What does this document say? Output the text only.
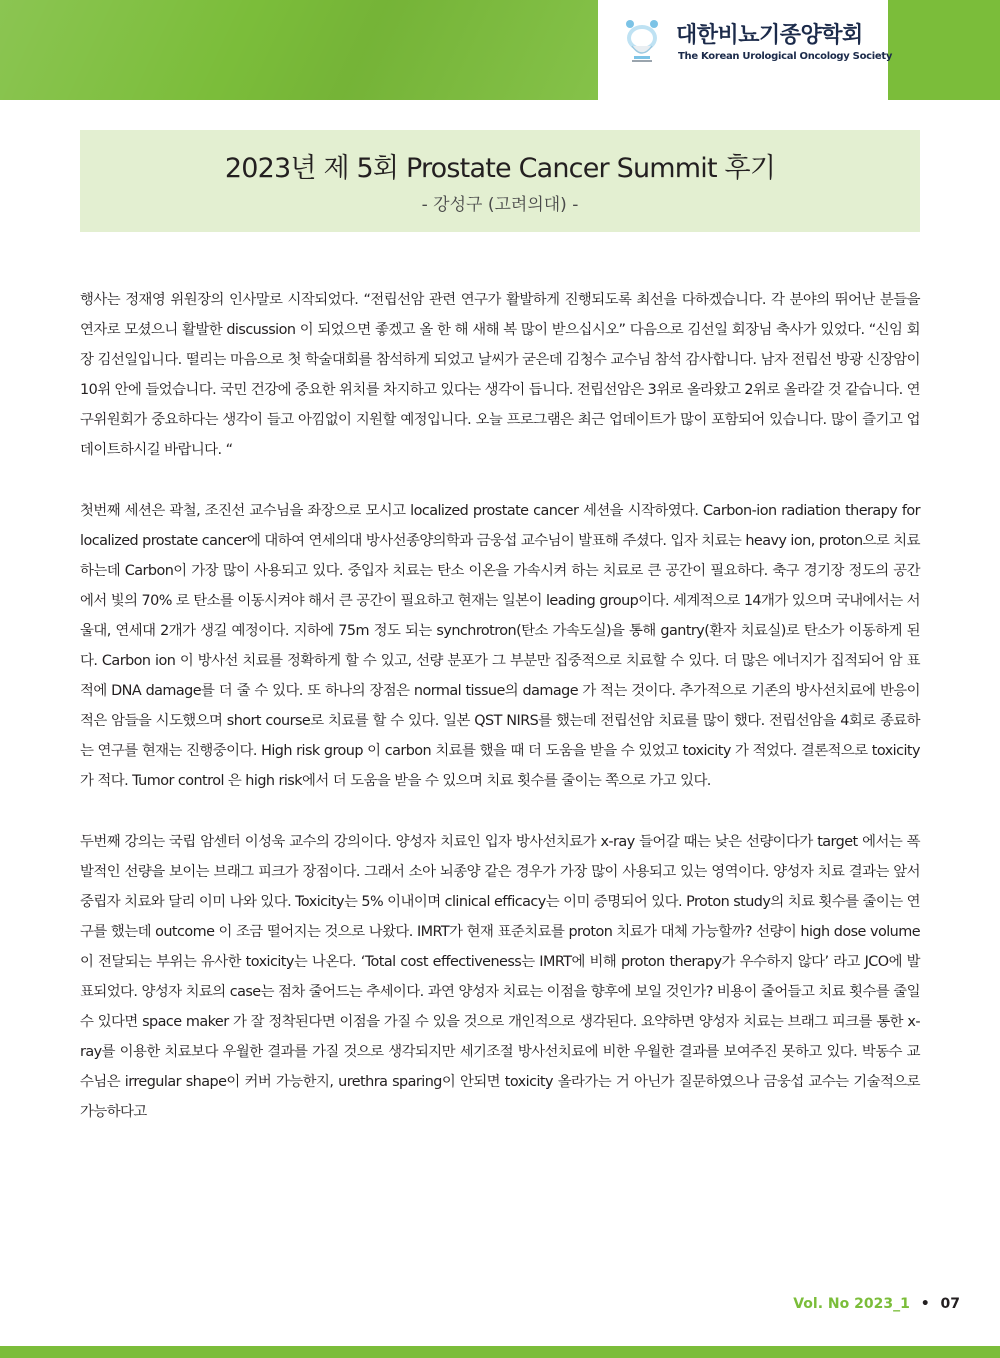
대한비뇨기종양학회
The Korean Urological Oncology Society
2023년 제 5회 Prostate Cancer Summit 후기
- 강성구 (고려의대) -

행사는 정재영 위원장의 인사말로 시작되었다. “전립선암 관련 연구가 활발하게 진행되도록 최선을 다하겠습니다. 각 분야의 뛰어난 분들을 연자로 모셨으니 활발한 discussion 이 되었으면 좋겠고 올 한 해 새해 복 많이 받으십시오” 다음으로 김선일 회장님 축사가 있었다. “신임 회장 김선일입니다. 떨리는 마음으로 첫 학술대회를 참석하게 되었고 날씨가 굳은데 김청수 교수님 참석 감사합니다. 남자 전립선 방광 신장암이 10위 안에 들었습니다. 국민 건강에 중요한 위치를 차지하고 있다는 생각이 듭니다. 전립선암은 3위로 올라왔고 2위로 올라갈 것 같습니다. 연구위원회가 중요하다는 생각이 들고 아낌없이 지원할 예정입니다. 오늘 프로그램은 최근 업데이트가 많이 포함되어 있습니다. 많이 즐기고 업데이트하시길 바랍니다. “

첫번째 세션은 곽철, 조진선 교수님을 좌장으로 모시고 localized prostate cancer 세션을 시작하였다. Carbon-ion radiation therapy for localized prostate cancer에 대하여 연세의대 방사선종양의학과 금웅섭 교수님이 발표해 주셨다. 입자 치료는 heavy ion, proton으로 치료하는데 Carbon이 가장 많이 사용되고 있다. 중입자 치료는 탄소 이온을 가속시켜 하는 치료로 큰 공간이 필요하다. 축구 경기장 정도의 공간에서 빛의 70% 로 탄소를 이동시켜야 해서 큰 공간이 필요하고 현재는 일본이 leading group이다. 세계적으로 14개가 있으며 국내에서는 서울대, 연세대 2개가 생길 예정이다. 지하에 75m 정도 되는 synchrotron(탄소 가속도실)을 통해 gantry(환자 치료실)로 탄소가 이동하게 된다. Carbon ion 이 방사선 치료를 정확하게 할 수 있고, 선량 분포가 그 부분만 집중적으로 치료할 수 있다. 더 많은 에너지가 집적되어 암 표적에 DNA damage를 더 줄 수 있다. 또 하나의 장점은 normal tissue의 damage 가 적는 것이다. 추가적으로 기존의 방사선치료에 반응이 적은 암들을 시도했으며 short course로 치료를 할 수 있다. 일본 QST NIRS를 했는데 전립선암 치료를 많이 했다. 전립선암을 4회로 종료하는 연구를 현재는 진행중이다. High risk group 이 carbon 치료를 했을 때 더 도움을 받을 수 있었고 toxicity 가 적었다. 결론적으로 toxicity 가 적다. Tumor control 은 high risk에서 더 도움을 받을 수 있으며 치료 횟수를 줄이는 쪽으로 가고 있다.

두번째 강의는 국립 암센터 이성욱 교수의 강의이다. 양성자 치료인 입자 방사선치료가 x-ray 들어갈 때는 낮은 선량이다가 target 에서는 폭발적인 선량을 보이는 브래그 피크가 장점이다. 그래서 소아 뇌종양 같은 경우가 가장 많이 사용되고 있는 영역이다. 양성자 치료 결과는 앞서 중립자 치료와 달리 이미 나와 있다. Toxicity는 5% 이내이며 clinical efficacy는 이미 증명되어 있다. Proton study의 치료 횟수를 줄이는 연구를 했는데 outcome 이 조금 떨어지는 것으로 나왔다. IMRT가 현재 표준치료를 proton 치료가 대체 가능할까? 선량이 high dose volume 이 전달되는 부위는 유사한 toxicity는 나온다. ‘Total cost effectiveness는 IMRT에 비해 proton therapy가 우수하지 않다’ 라고 JCO에 발표되었다. 양성자 치료의 case는 점차 줄어드는 추세이다. 과연 양성자 치료는 이점을 향후에 보일 것인가? 비용이 줄어들고 치료 횟수를 줄일 수 있다면 space maker 가 잘 정착된다면 이점을 가질 수 있을 것으로 개인적으로 생각된다. 요약하면 양성자 치료는 브래그 피크를 통한 x-ray를 이용한 치료보다 우월한 결과를 가질 것으로 생각되지만 세기조절 방사선치료에 비한 우월한 결과를 보여주진 못하고 있다. 박동수 교수님은 irregular shape이 커버 가능한지, urethra sparing이 안되면 toxicity 올라가는 거 아닌가 질문하였으나 금웅섭 교수는 기술적으로 가능하다고

Vol. No 2023_1 • 07
